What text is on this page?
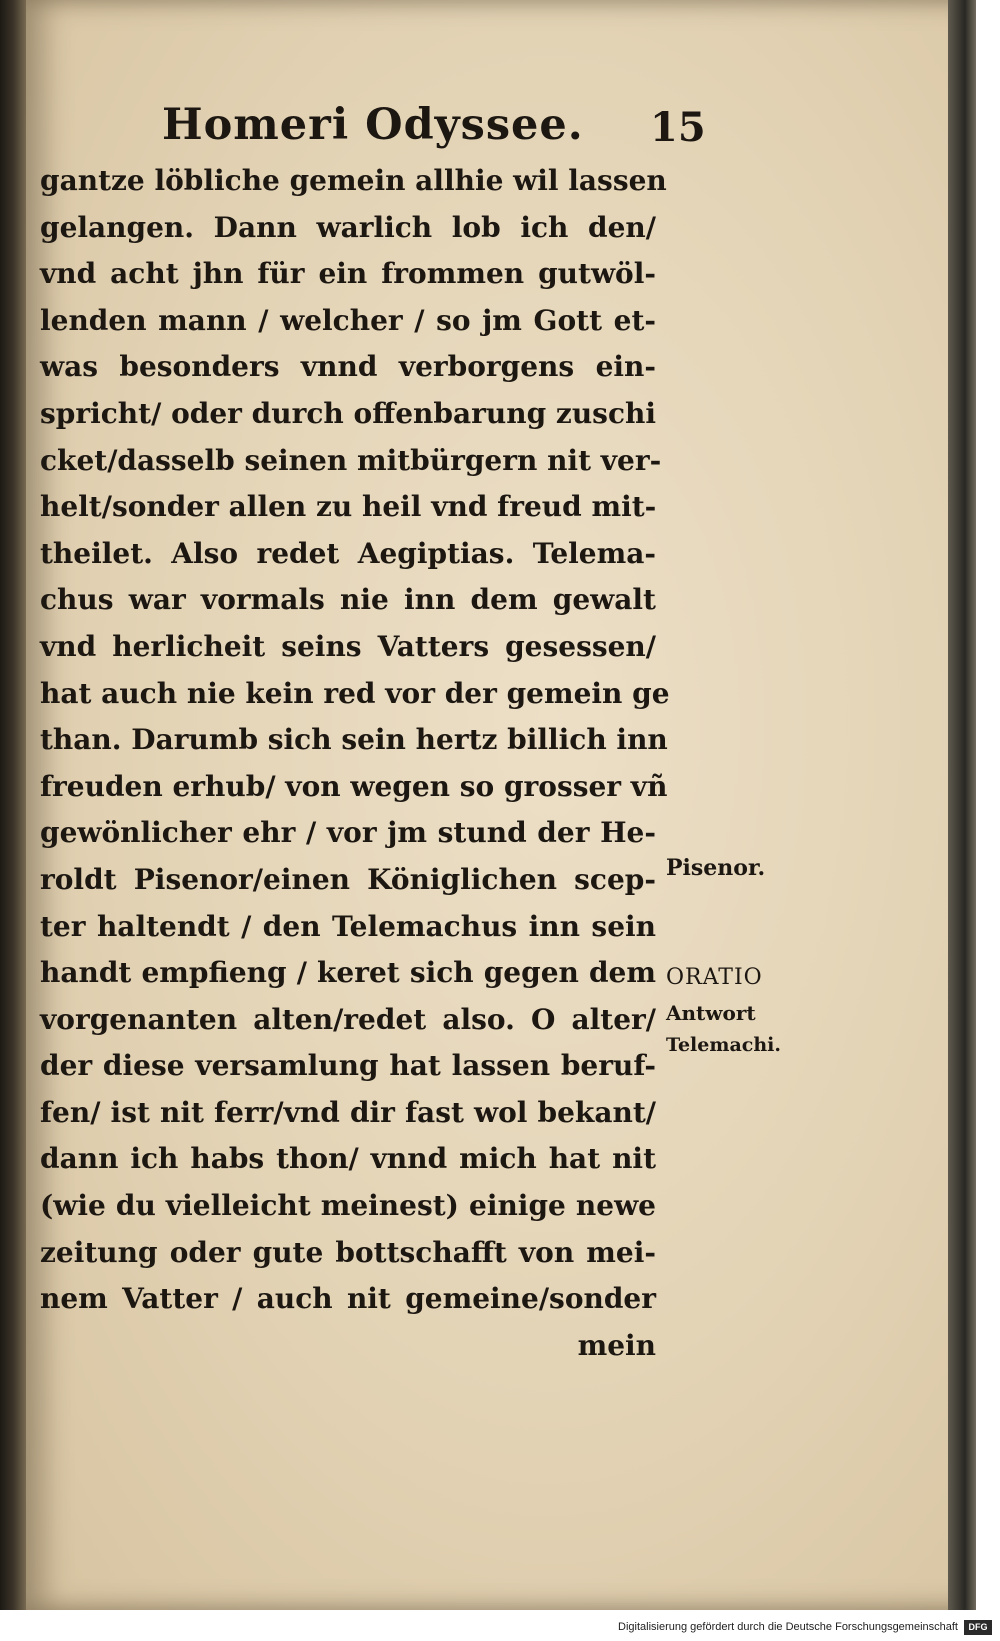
Homeri Odyssee. 15
gantze löbliche gemein allhie wil lassen
gelangen. Dann warlich lob ich den/
vnd acht jhn für ein frommen gutwöl-
lenden mann / welcher / so jm Gott et-
was besonders vnnd verborgens ein-
spricht/ oder durch offenbarung zuschi
cket/dasselb seinen mitbürgern nit ver-
helt/sonder allen zu heil vnd freud mit-
theilet. Also redet Aegiptias. Telema-
chus war vormals nie inn dem gewalt
vnd herlicheit seins Vatters gesessen/
hat auch nie kein red vor der gemein ge
than. Darumb sich sein hertz billich inn
freuden erhub/ von wegen so grosser vñ
gewönlicher ehr / vor jm stund der He-
roldt Pisenor/einen Königlichen scep-
ter haltendt / den Telemachus inn sein
handt empfieng / keret sich gegen dem
vorgenanten alten/redet also. O alter/
der diese versamlung hat lassen beruf-
fen/ ist nit ferr/vnd dir fast wol bekant/
dann ich habs thon/ vnnd mich hat nit
(wie du vielleicht meinest) einige newe
zeitung oder gute bottschafft von mei-
nem Vatter / auch nit gemeine/sonder
mein
Pisenor.
ORATIO
Antwort
Telemachi.
Digitalisierung gefördert durch die Deutsche Forschungsgemeinschaft	DFG
